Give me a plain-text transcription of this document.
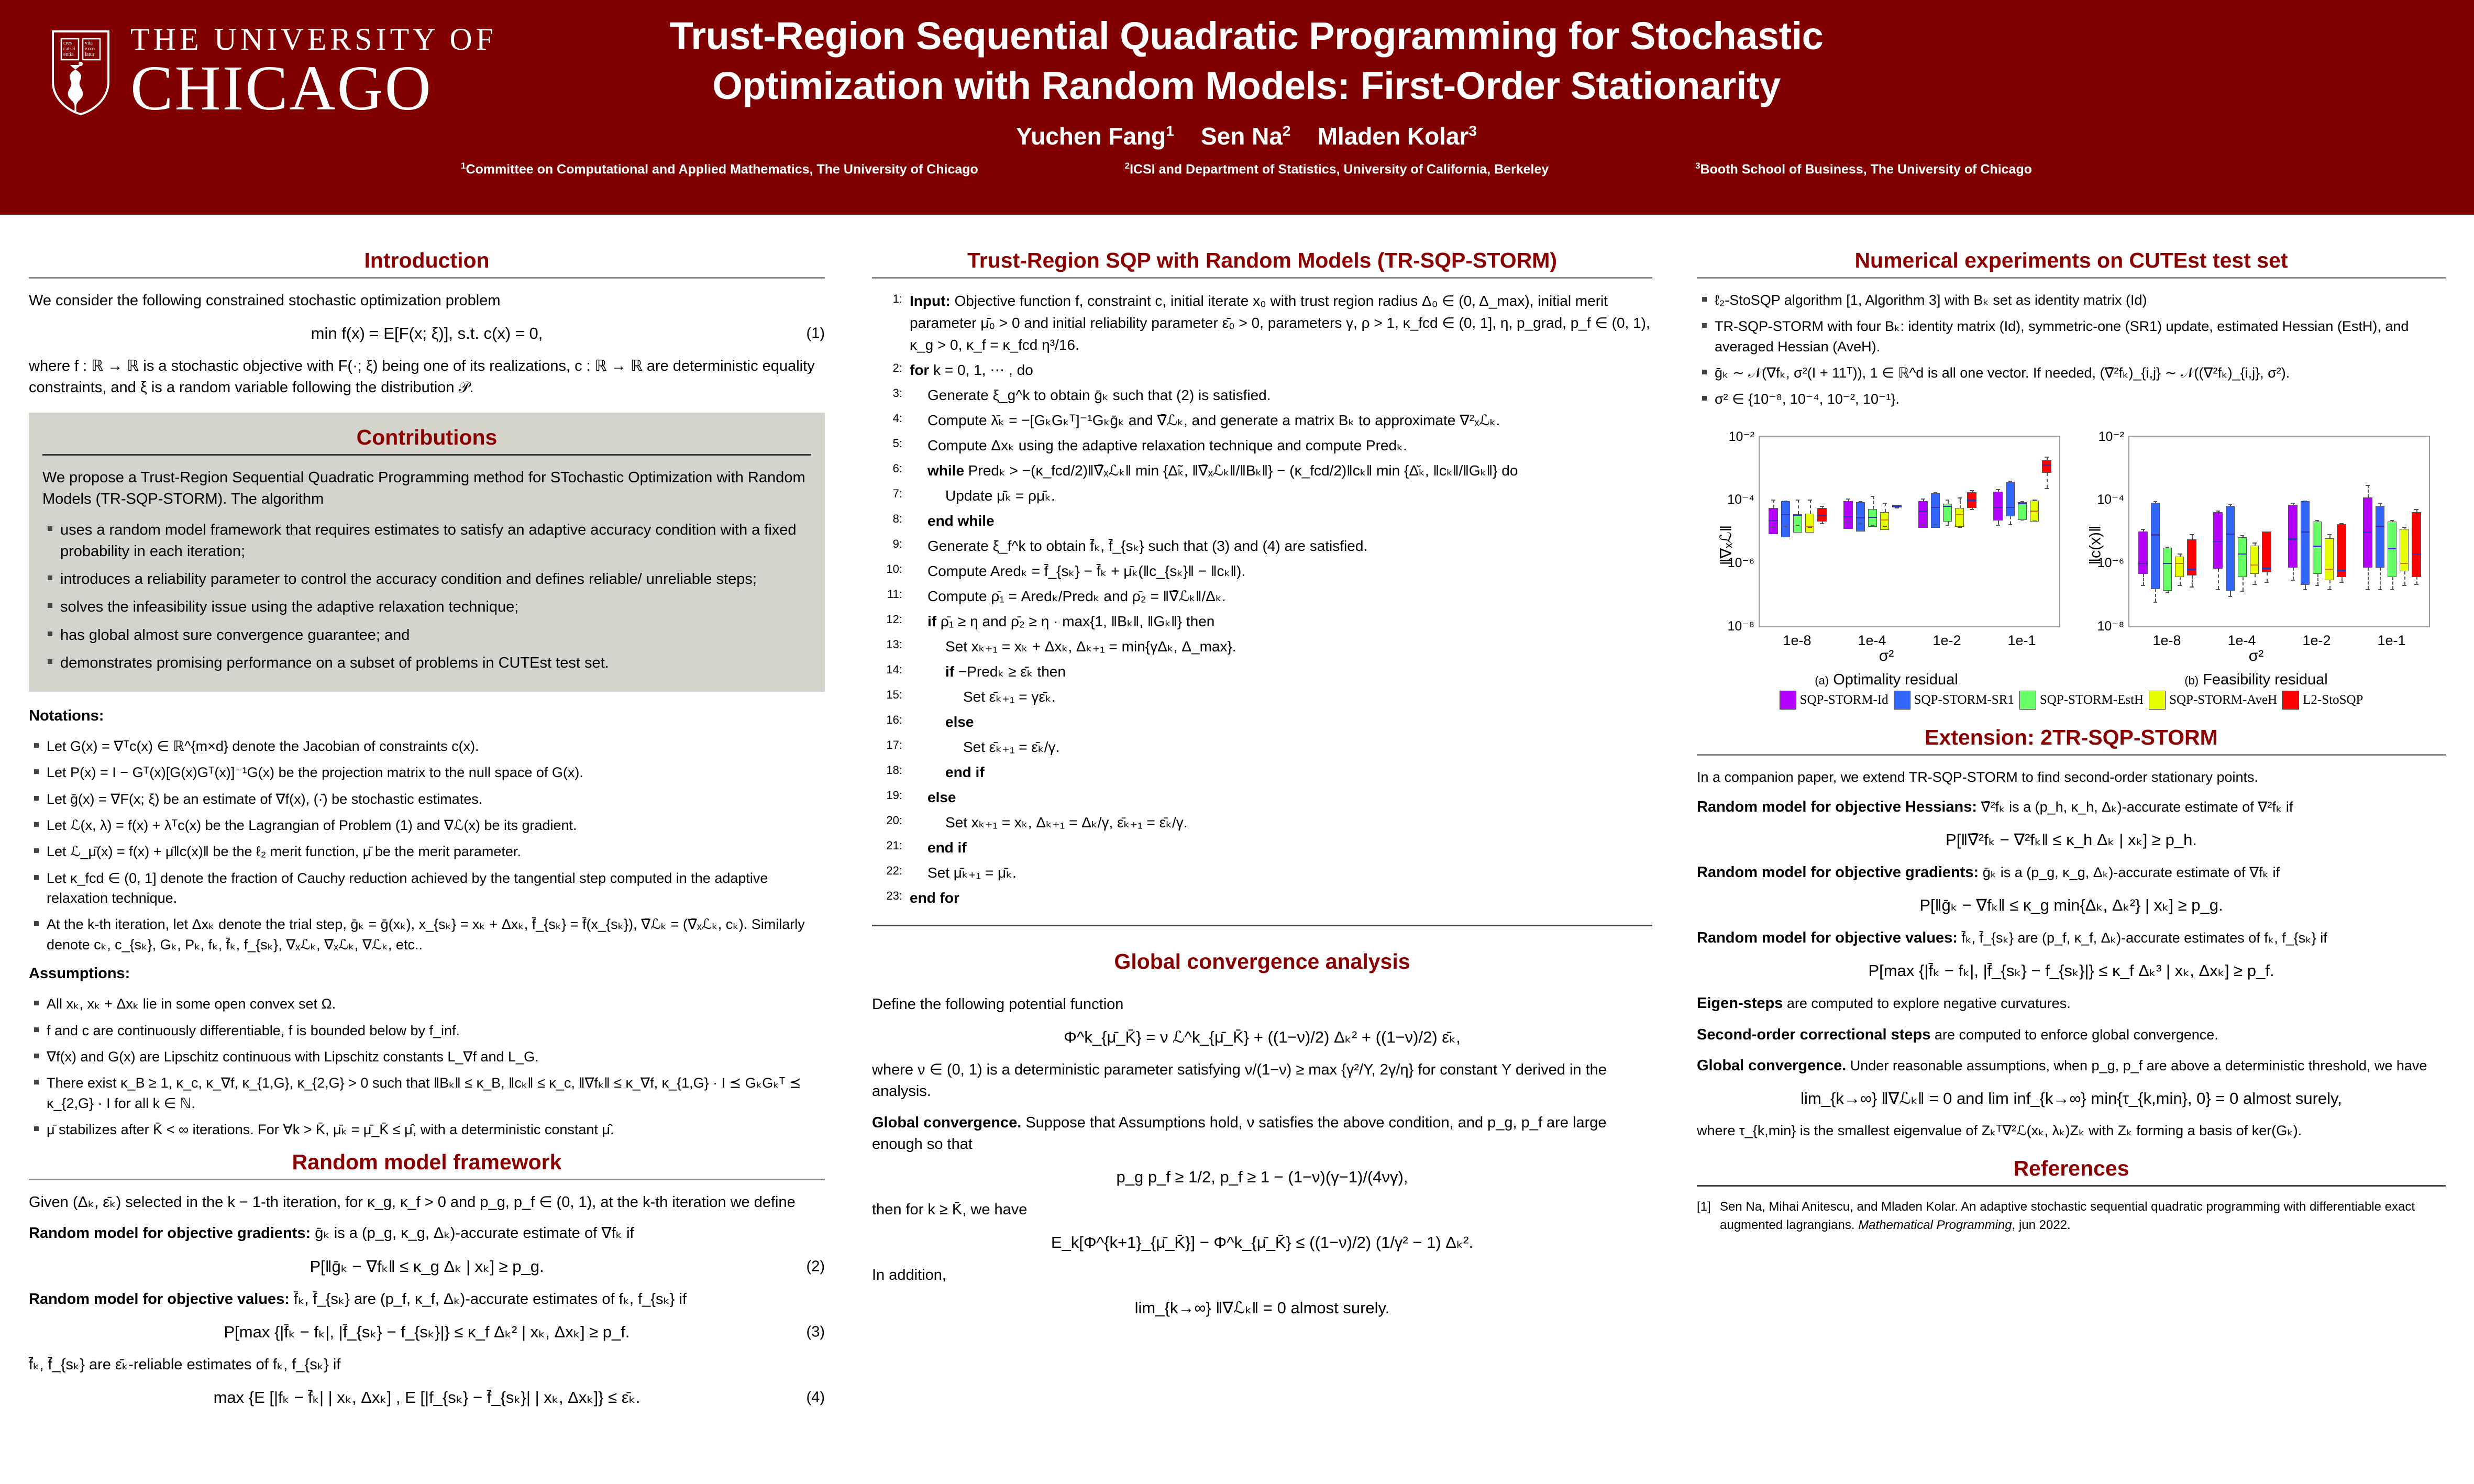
cres
catsci
entia
vita
exco
latur THE UNIVERSITY OF
CHICAGO
Trust-Region Sequential Quadratic Programming for Stochastic
Optimization with Random Models: First-Order Stationarity
Yuchen Fang$^1$ Sen Na$^2$ Mladen Kolar$^3$
$^1$Committee on Computational and Applied Mathematics, The University of Chicago	$^2$ICSI and Department of Statistics, University of California, Berkeley	$^3$Booth School of Business, The University of Chicago
Introduction

We consider the following constrained stochastic optimization problem

min f(x) = E[F(x; ξ)], s.t. c(x) = 0,	(1)

where f : ℝ → ℝ is a stochastic objective with F(·; ξ) being one of its realizations, c : ℝ → ℝ are deterministic equality constraints, and ξ is a random variable following the distribution 𝒫.

Contributions

We propose a Trust-Region Sequential Quadratic Programming method for STochastic Optimization with Random Models (TR-SQP-STORM). The algorithm

uses a random model framework that requires estimates to satisfy an adaptive accuracy condition with a fixed probability in each iteration;
introduces a reliability parameter to control the accuracy condition and defines reliable/ unreliable steps;
solves the infeasibility issue using the adaptive relaxation technique;
has global almost sure convergence guarantee; and
demonstrates promising performance on a subset of problems in CUTEst test set.

Notations:

Let G(x) = ∇ᵀc(x) ∈ ℝ^{m×d} denote the Jacobian of constraints c(x).
Let P(x) = I − Gᵀ(x)[G(x)Gᵀ(x)]⁻¹G(x) be the projection matrix to the null space of G(x).
Let ḡ(x) = ∇F(x; ξ) be an estimate of ∇f(x), (·̄) be stochastic estimates.
Let ℒ(x, λ) = f(x) + λᵀc(x) be the Lagrangian of Problem (1) and ∇ℒ(x) be its gradient.
Let ℒ_μ̄(x) = f(x) + μ̄‖c(x)‖ be the ℓ₂ merit function, μ̄ be the merit parameter.
Let κ_fcd ∈ (0, 1] denote the fraction of Cauchy reduction achieved by the tangential step computed in the adaptive relaxation technique.
At the k-th iteration, let Δxₖ denote the trial step, ḡₖ = ḡ(xₖ), x_{sₖ} = xₖ + Δxₖ, f̄_{sₖ} = f̄(x_{sₖ}), ∇̄ℒₖ = (∇̄ₓℒₖ, cₖ). Similarly denote cₖ, c_{sₖ}, Gₖ, Pₖ, fₖ, f̄ₖ, f_{sₖ}, ∇ₓℒₖ, ∇̄ₓℒₖ, ∇ℒₖ, etc..

Assumptions:

All xₖ, xₖ + Δxₖ lie in some open convex set Ω.
f and c are continuously differentiable, f is bounded below by f_inf.
∇f(x) and G(x) are Lipschitz continuous with Lipschitz constants L_∇f and L_G.
There exist κ_B ≥ 1, κ_c, κ_∇f, κ_{1,G}, κ_{2,G} > 0 such that ‖Bₖ‖ ≤ κ_B, ‖cₖ‖ ≤ κ_c, ‖∇fₖ‖ ≤ κ_∇f, κ_{1,G} · I ⪯ GₖGₖᵀ ⪯ κ_{2,G} · I for all k ∈ ℕ.
μ̄ stabilizes after K̄ < ∞ iterations. For ∀k > K̄, μ̄ₖ = μ̄_K̄ ≤ μ̂, with a deterministic constant μ̂.
Random model framework

Given (Δₖ, ε̄ₖ) selected in the k − 1-th iteration, for κ_g, κ_f > 0 and p_g, p_f ∈ (0, 1), at the k-th iteration we define

Random model for objective gradients: ḡₖ is a (p_g, κ_g, Δₖ)-accurate estimate of ∇fₖ if

P[‖ḡₖ − ∇fₖ‖ ≤ κ_g Δₖ | xₖ] ≥ p_g.	(2)

Random model for objective values: f̄ₖ, f̄_{sₖ} are (p_f, κ_f, Δₖ)-accurate estimates of fₖ, f_{sₖ} if

P[max {|f̄ₖ − fₖ|, |f̄_{sₖ} − f_{sₖ}|} ≤ κ_f Δₖ² | xₖ, Δxₖ] ≥ p_f.	(3)

f̄ₖ, f̄_{sₖ} are ε̄ₖ-reliable estimates of fₖ, f_{sₖ} if

max {E [|fₖ − f̄ₖ| | xₖ, Δxₖ] , E [|f_{sₖ} − f̄_{sₖ}| | xₖ, Δxₖ]} ≤ ε̄ₖ.	(4)
Trust-Region SQP with Random Models (TR-SQP-STORM)
1: Input: Objective function f, constraint c, initial iterate x₀ with trust region radius Δ₀ ∈ (0, Δ_max), initial merit parameter μ̄₀ > 0 and initial reliability parameter ε̄₀ > 0, parameters γ, ρ > 1, κ_fcd ∈ (0, 1], η, p_grad, p_f ∈ (0, 1), κ_g > 0, κ_f = κ_fcd η³/16.
2: for k = 0, 1, ⋯ , do
3:	Generate ξ_g^k to obtain ḡₖ such that (2) is satisfied.
4:	Compute λ̄ₖ = −[GₖGₖᵀ]⁻¹Gₖḡₖ and ∇̄ℒₖ, and generate a matrix Bₖ to approximate ∇²ₓℒₖ.
5:	Compute Δxₖ using the adaptive relaxation technique and compute Predₖ.
6:	while Predₖ > −(κ_fcd/2)‖∇̄ₓℒₖ‖ min {Δ̃ₖ, ‖∇̄ₓℒₖ‖/‖Bₖ‖} − (κ_fcd/2)‖cₖ‖ min {Δ̆ₖ, ‖cₖ‖/‖Gₖ‖} do
7:	Update μ̄ₖ = ρμ̄ₖ.
8:	end while
9:	Generate ξ_f^k to obtain f̄ₖ, f̄_{sₖ} such that (3) and (4) are satisfied.
10:	Compute Aredₖ = f̄_{sₖ} − f̄ₖ + μ̄ₖ(‖c_{sₖ}‖ − ‖cₖ‖).
11:	Compute ρ̄₁ = Aredₖ/Predₖ and ρ̄₂ = ‖∇̄ℒₖ‖/Δₖ.
12:	if ρ̄₁ ≥ η and ρ̄₂ ≥ η · max{1, ‖Bₖ‖, ‖Gₖ‖} then
13:	Set xₖ₊₁ = xₖ + Δxₖ, Δₖ₊₁ = min{γΔₖ, Δ_max}.
14:	if −Predₖ ≥ ε̄ₖ then
15:	Set ε̄ₖ₊₁ = γε̄ₖ.
16:	else
17:	Set ε̄ₖ₊₁ = ε̄ₖ/γ.
18:	end if
19:	else
20:	Set xₖ₊₁ = xₖ, Δₖ₊₁ = Δₖ/γ, ε̄ₖ₊₁ = ε̄ₖ/γ.
21:	end if
22:	Set μ̄ₖ₊₁ = μ̄ₖ.
23: end for
Global convergence analysis

Define the following potential function

Φ^k_{μ̄_K̄} = ν ℒ^k_{μ̄_K̄} + ((1−ν)/2) Δₖ² + ((1−ν)/2) ε̄ₖ,

where ν ∈ (0, 1) is a deterministic parameter satisfying ν/(1−ν) ≥ max {γ²/Υ, 2γ/η} for constant Υ derived in the analysis.

Global convergence. Suppose that Assumptions hold, ν satisfies the above condition, and p_g, p_f are large enough so that

p_g p_f ≥ 1/2, p_f ≥ 1 − (1−ν)(γ−1)/(4νγ),

then for k ≥ K̄, we have

E_k[Φ^{k+1}_{μ̄_K̄}] − Φ^k_{μ̄_K̄} ≤ ((1−ν)/2) (1/γ² − 1) Δₖ².

In addition,

lim_{k→∞} ‖∇ℒₖ‖ = 0 almost surely.
Numerical experiments on CUTEst test set
ℓ₂-StoSQP algorithm [1, Algorithm 3] with Bₖ set as identity matrix (Id)
TR-SQP-STORM with four Bₖ: identity matrix (Id), symmetric-one (SR1) update, estimated Hessian (EstH), and averaged Hessian (AveH).
ḡₖ ∼ 𝒩(∇fₖ, σ²(I + 11ᵀ)), 1 ∈ ℝ^d is all one vector. If needed, (∇̄²fₖ)_{i,j} ∼ 𝒩((∇²fₖ)_{i,j}, σ²).
σ² ∈ {10⁻⁸, 10⁻⁴, 10⁻², 10⁻¹}.
‖∇ₓℒ‖
10⁻²
10⁻⁴
10⁻⁶
10⁻⁸
1e-8	1e-4	1e-2	1e-1
σ²
(a) Optimality residual
‖c(x)‖
10⁻²
10⁻⁴
10⁻⁶
10⁻⁸
1e-8	1e-4	1e-2	1e-1
σ²
(b) Feasibility residual
SQP-STORM-Id SQP-STORM-SR1 SQP-STORM-EstH SQP-STORM-AveH L2-StoSQP
Extension: 2TR-SQP-STORM

In a companion paper, we extend TR-SQP-STORM to find second-order stationary points.

Random model for objective Hessians: ∇̄²fₖ is a (p_h, κ_h, Δₖ)-accurate estimate of ∇²fₖ if

P[‖∇̄²fₖ − ∇²fₖ‖ ≤ κ_h Δₖ | xₖ] ≥ p_h.

Random model for objective gradients: ḡₖ is a (p_g, κ_g, Δₖ)-accurate estimate of ∇fₖ if

P[‖ḡₖ − ∇fₖ‖ ≤ κ_g min{Δₖ, Δₖ²} | xₖ] ≥ p_g.

Random model for objective values: f̄ₖ, f̄_{sₖ} are (p_f, κ_f, Δₖ)-accurate estimates of fₖ, f_{sₖ} if

P[max {|f̄ₖ − fₖ|, |f̄_{sₖ} − f_{sₖ}|} ≤ κ_f Δₖ³ | xₖ, Δxₖ] ≥ p_f.

Eigen-steps are computed to explore negative curvatures.

Second-order correctional steps are computed to enforce global convergence.

Global convergence. Under reasonable assumptions, when p_g, p_f are above a deterministic threshold, we have

lim_{k→∞} ‖∇ℒₖ‖ = 0 and lim inf_{k→∞} min{τ_{k,min}, 0} = 0 almost surely,

where τ_{k,min} is the smallest eigenvalue of Zₖᵀ∇²ℒ(xₖ, λₖ)Zₖ with Zₖ forming a basis of ker(Gₖ).

References
[1] Sen Na, Mihai Anitescu, and Mladen Kolar. An adaptive stochastic sequential quadratic programming with differentiable exact augmented lagrangians. Mathematical Programming, jun 2022.
